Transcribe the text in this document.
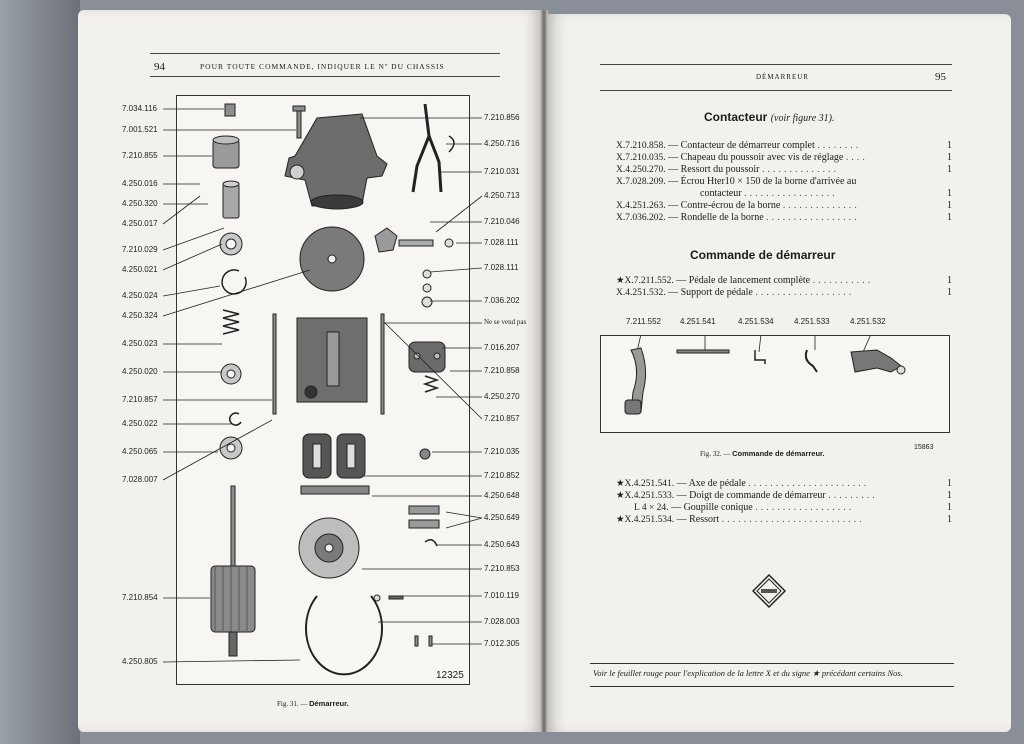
94	POUR TOUTE COMMANDE, INDIQUER LE Nº DU CHASSIS
7.034.116
7.001.521
7.210.855
4.250.016
4.250.320
4.250.017
7.210.029
4.250.021
4.250.024
4.250.324
4.250.023
4.250.020
7.210.857
4.250.022
4.250.065
7.028.007
7.210.854
4.250.805
7.210.856
4.250.716
7.210.031
4.250.713
7.210.046
7.028.111
7.028.111
7.036.202
Ne se vend pas
7.016.207
7.210.858
4.250.270
7.210.857
7.210.035
7.210.852
4.250.648
4.250.649
4.250.643
7.210.853
7.010.119
7.028.003
7.012.305
12325
Fig. 31. — Démarreur.
DÉMARREUR	95
Contacteur (voir figure 31).
X.7.210.858. — Contacteur de démarreur complet ........	1
X.7.210.035. — Chapeau du poussoir avec vis de réglage ....	1
X.4.250.270. — Ressort du poussoir ..............	1
X.7.028.209. — Écrou Hter10 × 150 de la borne d'arrivée au
contacteur .................	1
X.4.251.263. — Contre-écrou de la borne ..............	1
X.7.036.202. — Rondelle de la borne .................	1
Commande de démarreur
★X.7.211.552. — Pédale de lancement complète ...........	1
X.4.251.532. — Support de pédale ..................	1
7.211.552 4.251.541	4.251.534	4.251.533	4.251.532
15863
Fig. 32. — Commande de démarreur.
★X.4.251.541. — Axe de pédale ......................	1
★X.4.251.533. — Doigt de commande de démarreur .........	1
L 4 × 24. — Goupille conique ..................	1
★X.4.251.534. — Ressort ..........................	1
Voir le feuillet rouge pour l'explication de la lettre X et du signe ★ précédant certains Nos.
